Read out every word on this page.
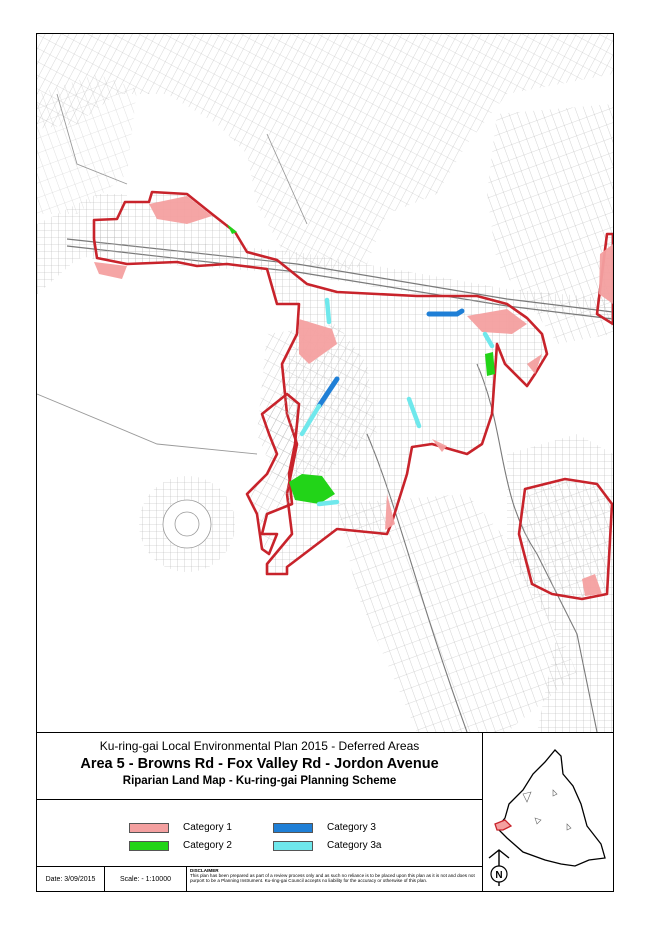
Ku-ring-gai Local Environmental Plan 2015 - Deferred Areas
Area 5 - Browns Rd - Fox Valley Rd - Jordon Avenue
Riparian Land Map - Ku-ring-gai Planning Scheme
Category 1
Category 2
Category 3
Category 3a
Date: 3/09/2015	Scale: - 1:10000
DISCLAIMER
This plan has been prepared as part of a review process only and as such no reliance is to be placed upon this plan as it is not and does not purport to be a Planning Instrument. Ku-ring-gai Council accepts no liability for the accuracy or otherwise of this plan.	N
